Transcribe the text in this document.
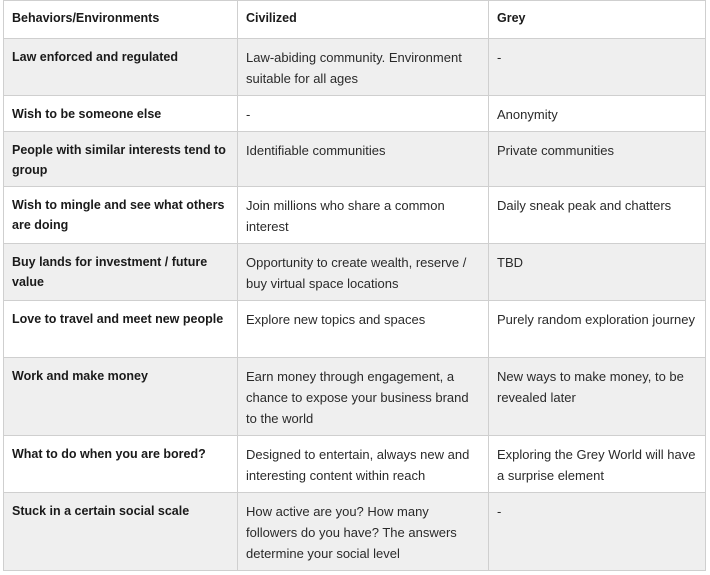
Behaviors/Environments	Civilized	Grey
Law enforced and regulated	Law-abiding community. Environment suitable for all ages	-
Wish to be someone else	-	Anonymity
People with similar interests tend to group	Identifiable communities	Private communities
Wish to mingle and see what others are doing	Join millions who share a common interest	Daily sneak peak and chatters
Buy lands for investment / future value	Opportunity to create wealth, reserve / buy virtual space locations	TBD
Love to travel and meet new people	Explore new topics and spaces	Purely random exploration journey
Work and make money	Earn money through engagement, a chance to expose your business brand to the world	New ways to make money, to be revealed later
What to do when you are bored?	Designed to entertain, always new and interesting content within reach	Exploring the Grey World will have a surprise element
Stuck in a certain social scale	How active are you? How many followers do you have? The answers determine your social level	-
